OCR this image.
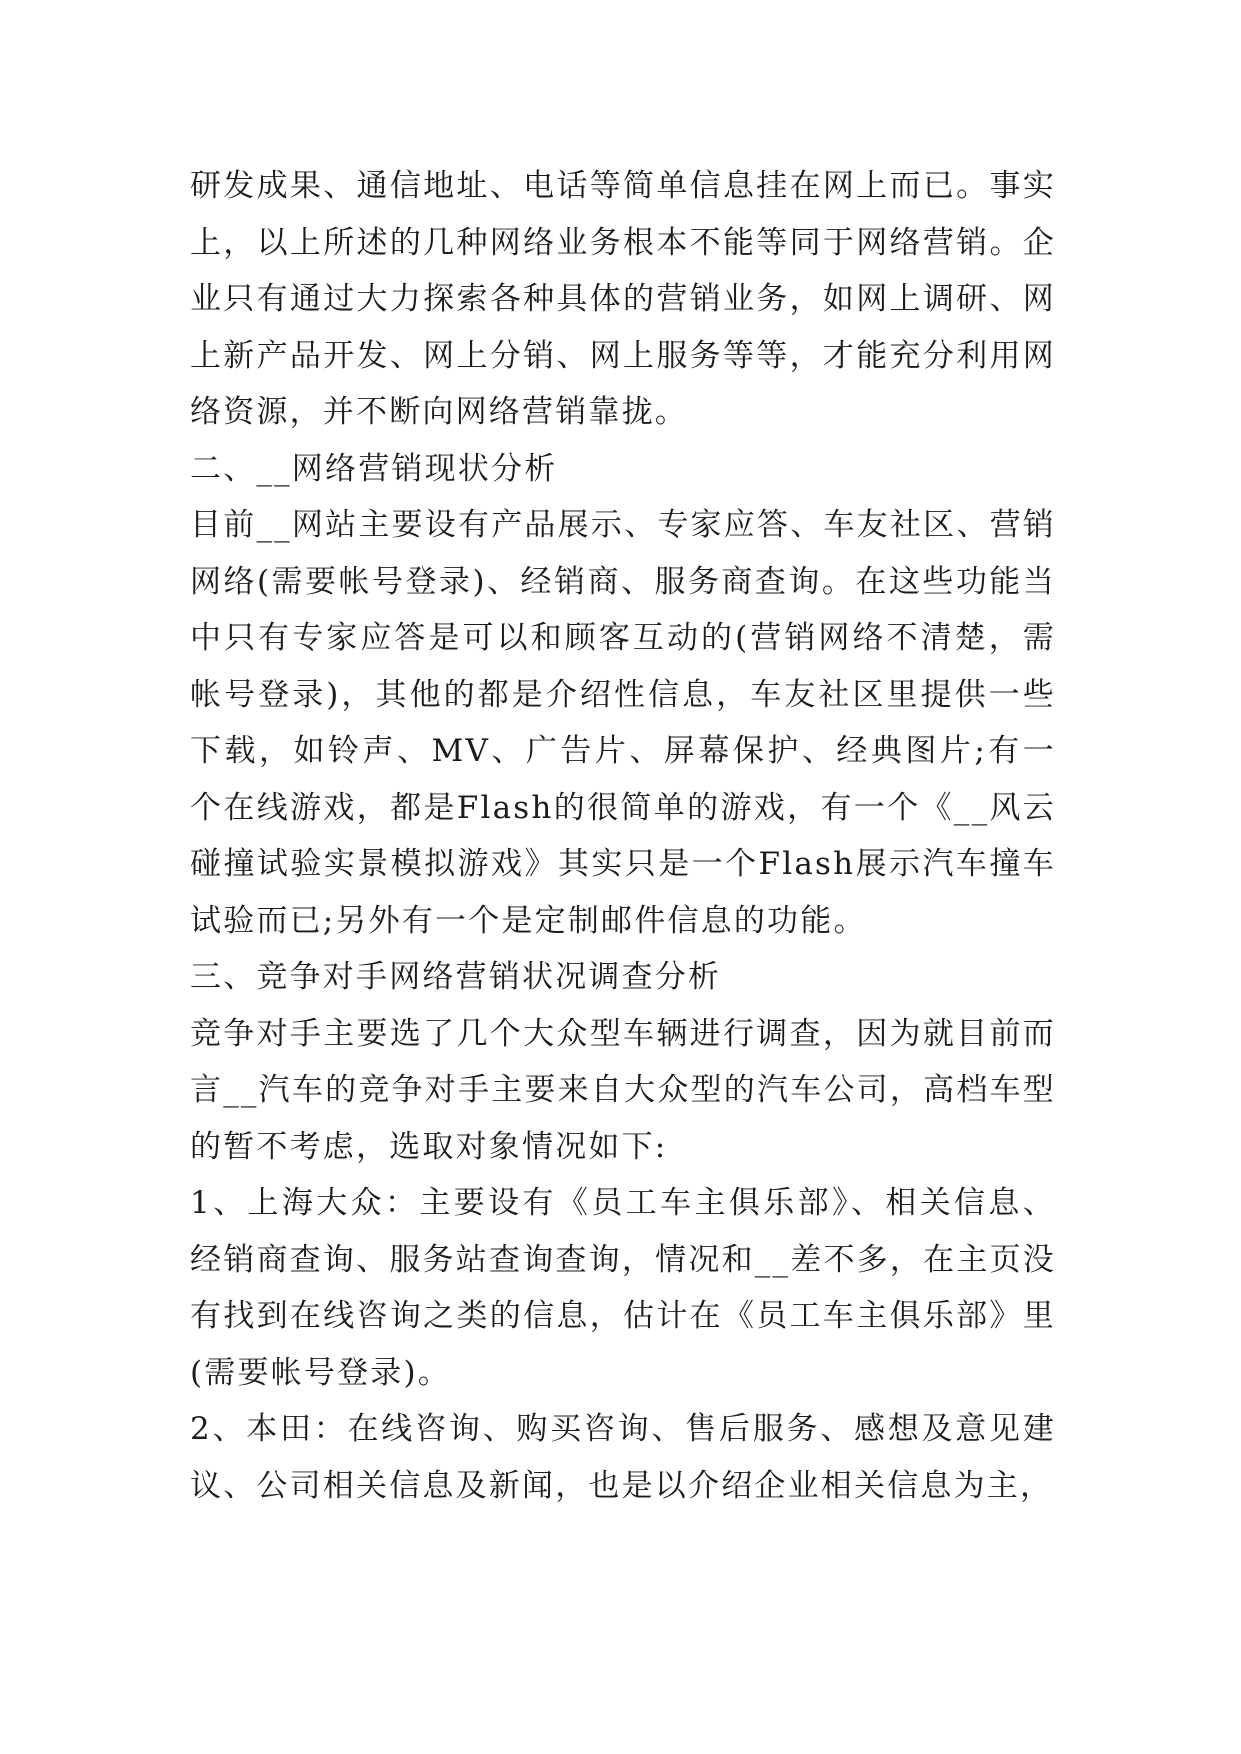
研发成果、通信地址、电话等简单信息挂在网上而已。事实上，以上所述的几种网络业务根本不能等同于网络营销。企业只有通过大力探索各种具体的营销业务，如网上调研、网上新产品开发、网上分销、网上服务等等，才能充分利用网络资源，并不断向网络营销靠拢。

二、__网络营销现状分析

目前__网站主要设有产品展示、专家应答、车友社区、营销网络(需要帐号登录)、经销商、服务商查询。在这些功能当中只有专家应答是可以和顾客互动的(营销网络不清楚，需帐号登录)，其他的都是介绍性信息，车友社区里提供一些下载，如铃声、MV、广告片、屏幕保护、经典图片;有一个在线游戏，都是Flash的很简单的游戏，有一个《__风云碰撞试验实景模拟游戏》其实只是一个Flash展示汽车撞车试验而已;另外有一个是定制邮件信息的功能。

三、竞争对手网络营销状况调查分析

竞争对手主要选了几个大众型车辆进行调查，因为就目前而言__汽车的竞争对手主要来自大众型的汽车公司，高档车型的暂不考虑，选取对象情况如下:

1、上海大众：主要设有《员工车主俱乐部》、相关信息、经销商查询、服务站查询查询，情况和__差不多，在主页没有找到在线咨询之类的信息，估计在《员工车主俱乐部》里(需要帐号登录)。

2、本田：在线咨询、购买咨询、售后服务、感想及意见建议、公司相关信息及新闻，也是以介绍企业相关信息为主，
